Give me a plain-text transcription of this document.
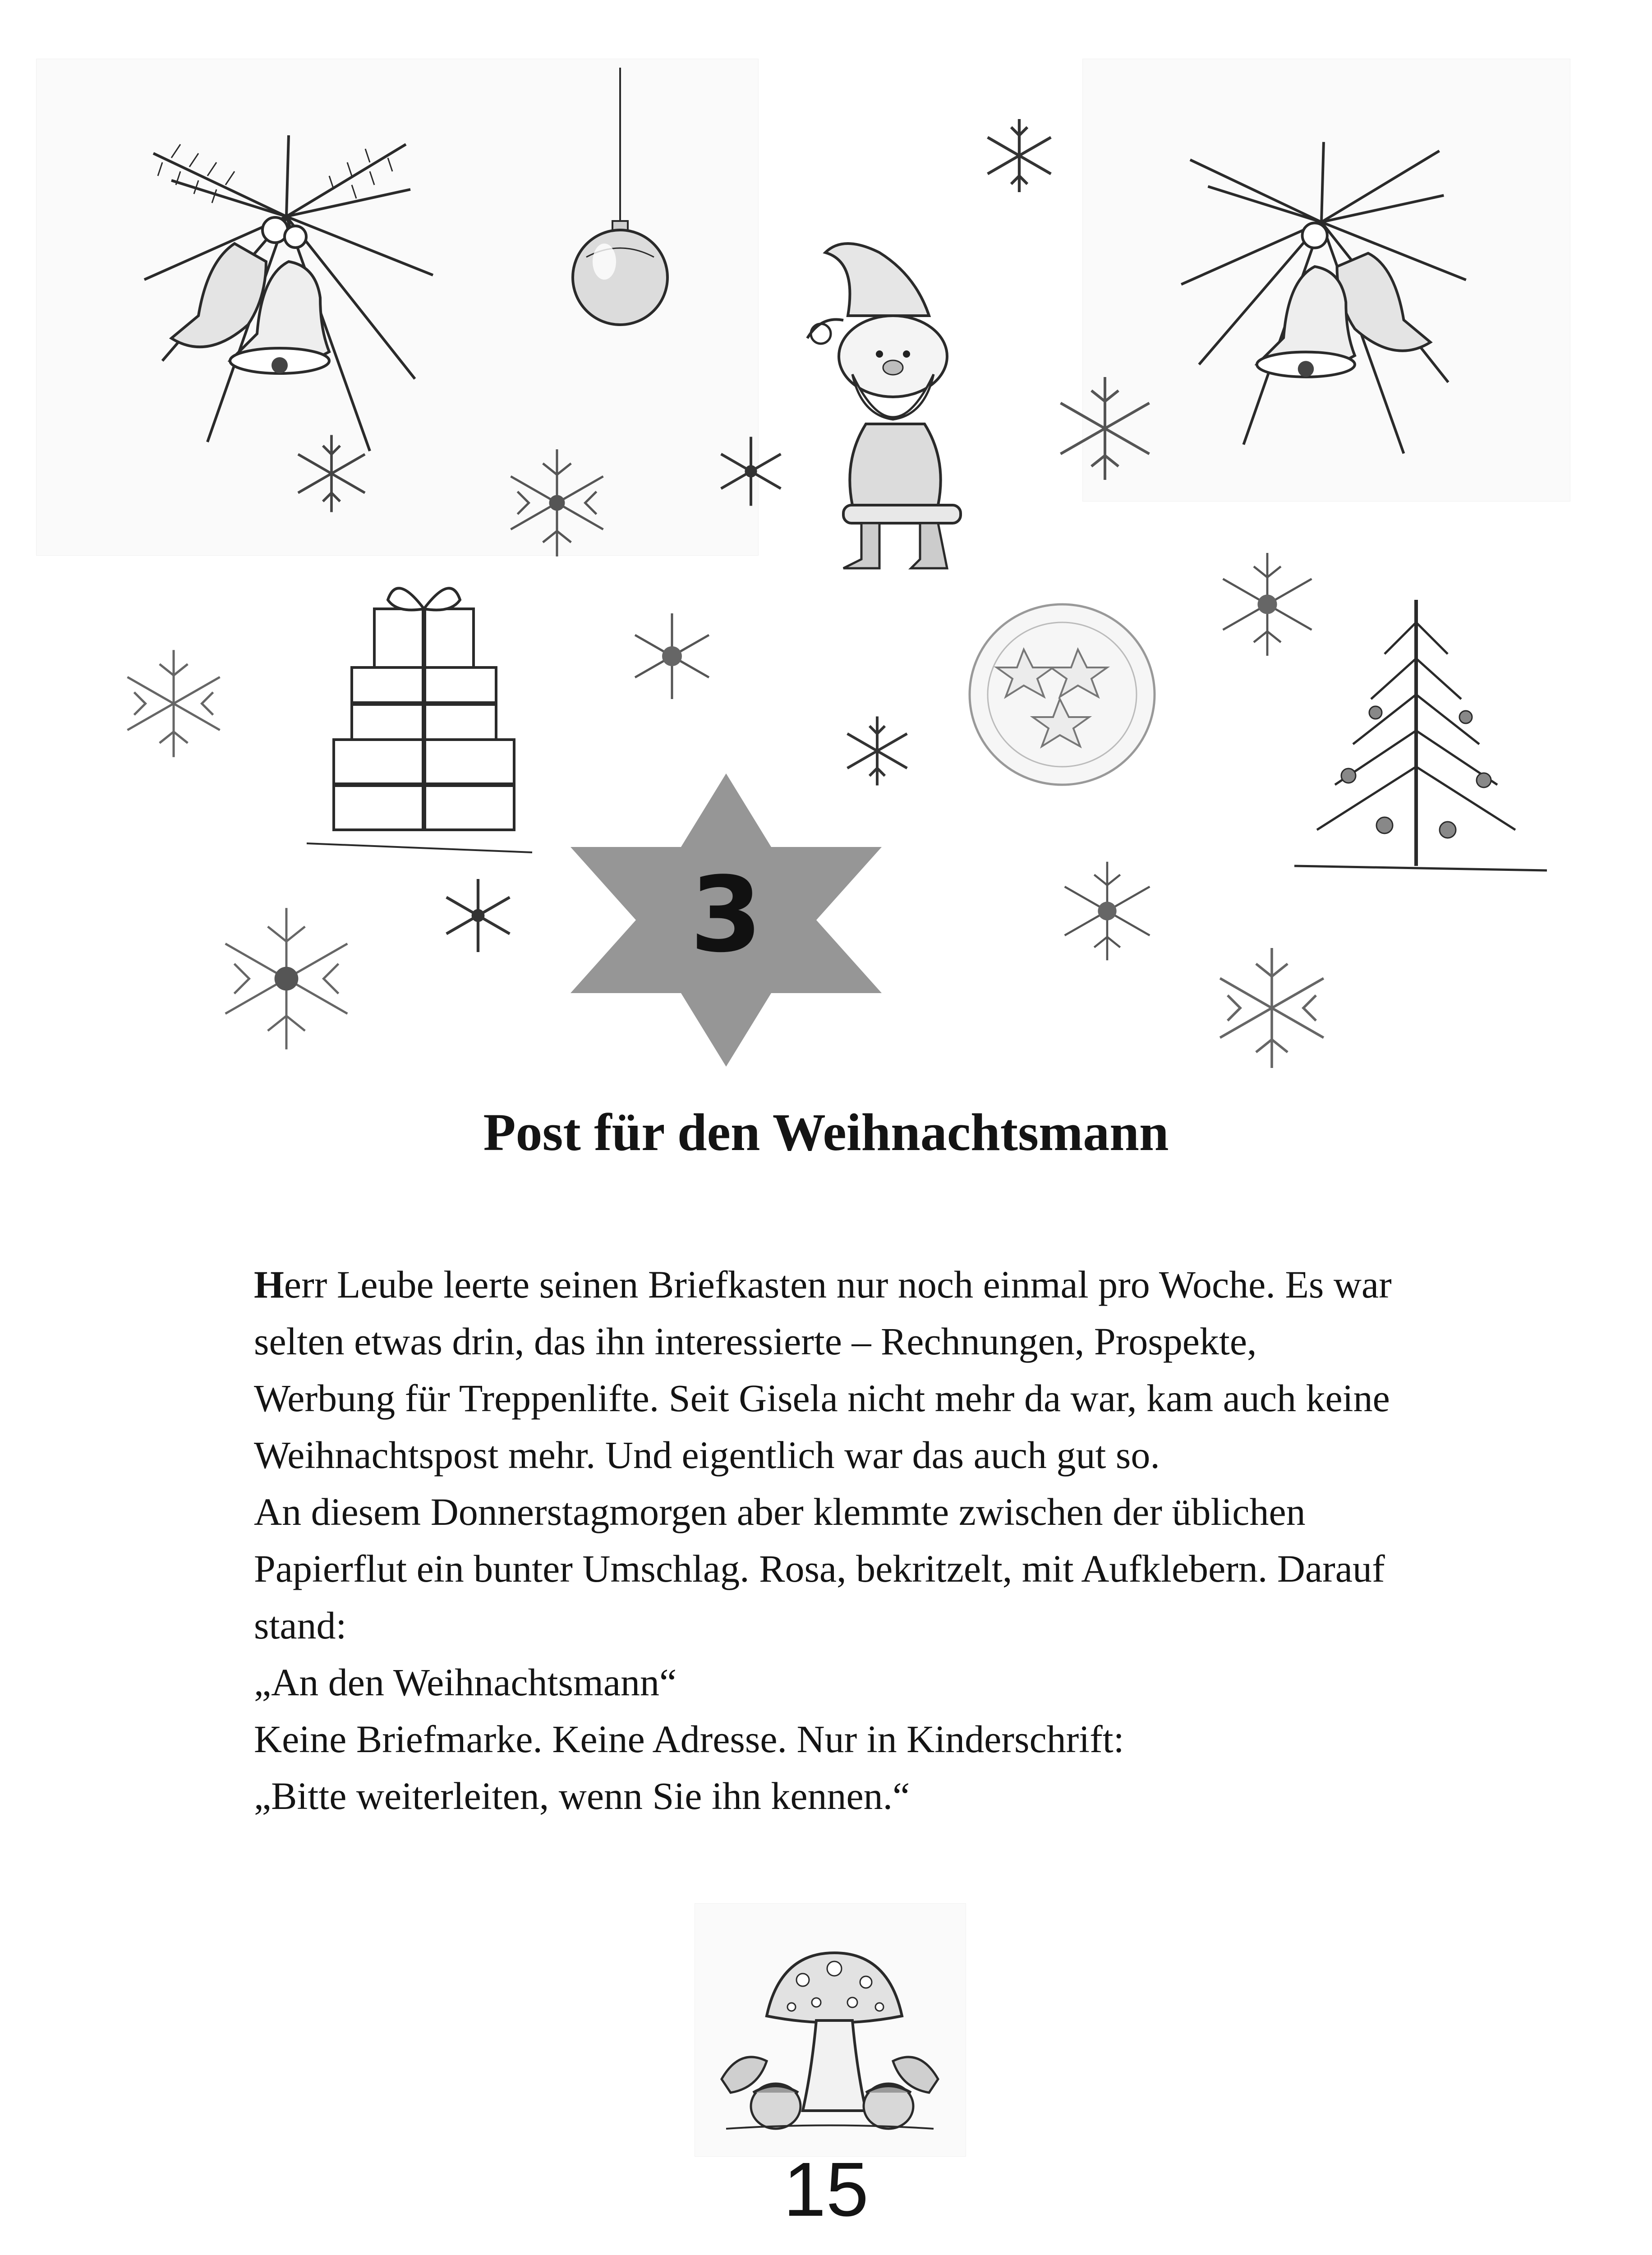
3
Post für den Weihnachtsmann
Herr Leube leerte seinen Briefkasten nur noch einmal pro Woche. Es war
selten etwas drin, das ihn interessierte – Rechnungen, Prospekte,
Werbung für Treppenlifte. Seit Gisela nicht mehr da war, kam auch keine
Weihnachtspost mehr. Und eigentlich war das auch gut so.
An diesem Donnerstagmorgen aber klemmte zwischen der üblichen
Papierflut ein bunter Umschlag. Rosa, bekritzelt, mit Aufklebern. Darauf
stand:
„An den Weihnachtsmann“
Keine Briefmarke. Keine Adresse. Nur in Kinderschrift:
„Bitte weiterleiten, wenn Sie ihn kennen.“
15
